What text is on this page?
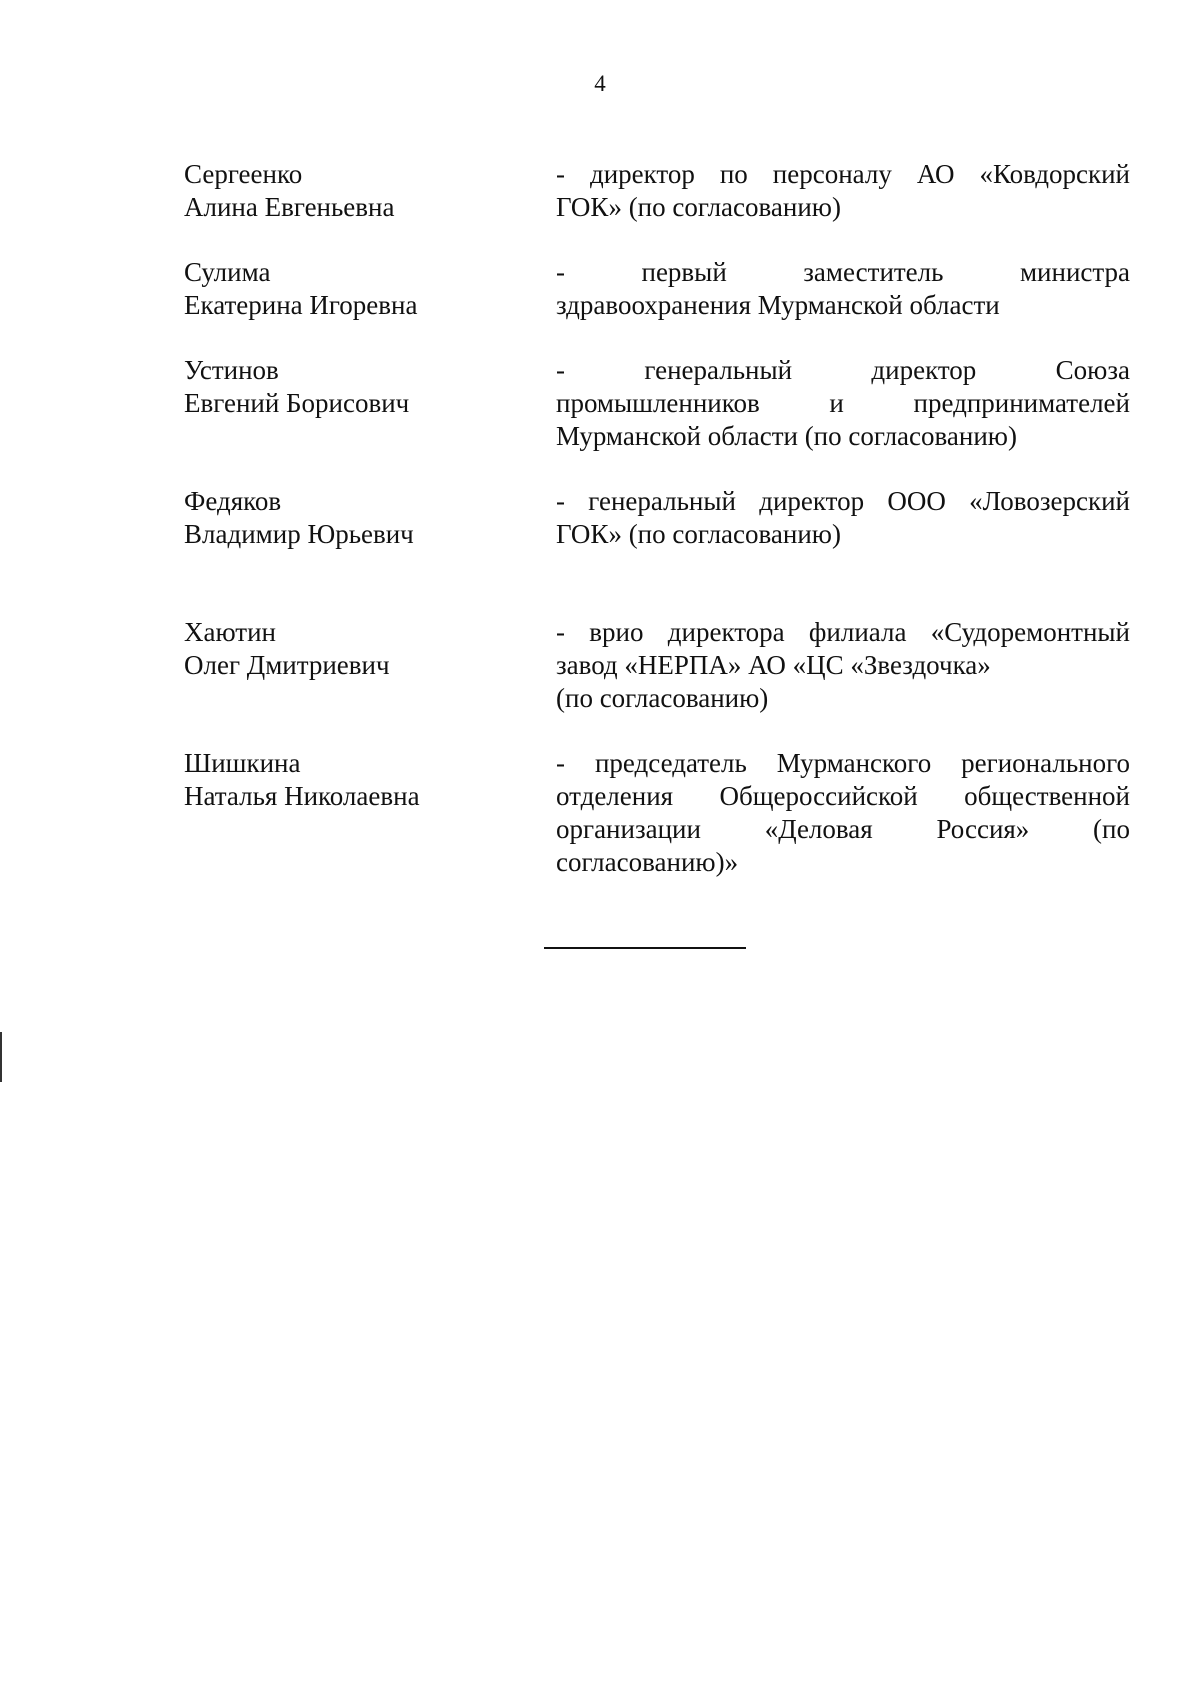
4
Сергеенко
Алина Евгеньевна
- директор по персоналу АО «Ковдорский
ГОК» (по согласованию)
Сулима
Екатерина Игоревна
- первый заместитель министра
здравоохранения Мурманской области
Устинов
Евгений Борисович
- генеральный директор Союза
промышленников и предпринимателей
Мурманской области (по согласованию)
Федяков
Владимир Юрьевич
- генеральный директор ООО «Ловозерский
ГОК» (по согласованию)
Хаютин
Олег Дмитриевич
- врио директора филиала «Судоремонтный
завод «НЕРПА» АО «ЦС «Звездочка»
(по согласованию)
Шишкина
Наталья Николаевна
- председатель Мурманского регионального
отделения Общероссийской общественной
организации «Деловая Россия» (по
согласованию)»
